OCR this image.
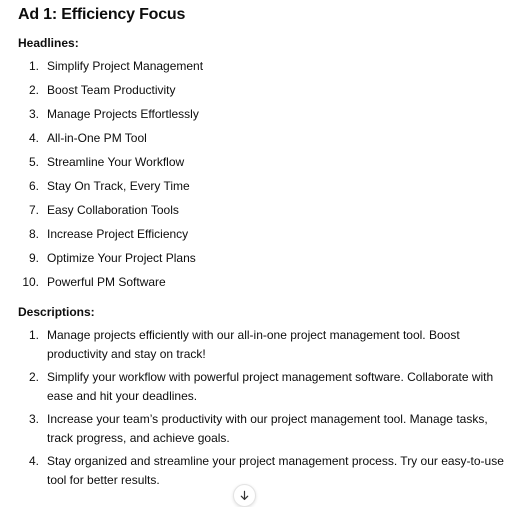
Ad 1: Efficiency Focus
Headlines:
1. Simplify Project Management
2. Boost Team Productivity
3. Manage Projects Effortlessly
4. All-in-One PM Tool
5. Streamline Your Workflow
6. Stay On Track, Every Time
7. Easy Collaboration Tools
8. Increase Project Efficiency
9. Optimize Your Project Plans
10. Powerful PM Software
Descriptions:
1. Manage projects efficiently with our all-in-one project management tool. Boost productivity and stay on track!
2. Simplify your workflow with powerful project management software. Collaborate with ease and hit your deadlines.
3. Increase your team’s productivity with our project management tool. Manage tasks, track progress, and achieve goals.
4. Stay organized and streamline your project management process. Try our easy-to-use tool for better results.
